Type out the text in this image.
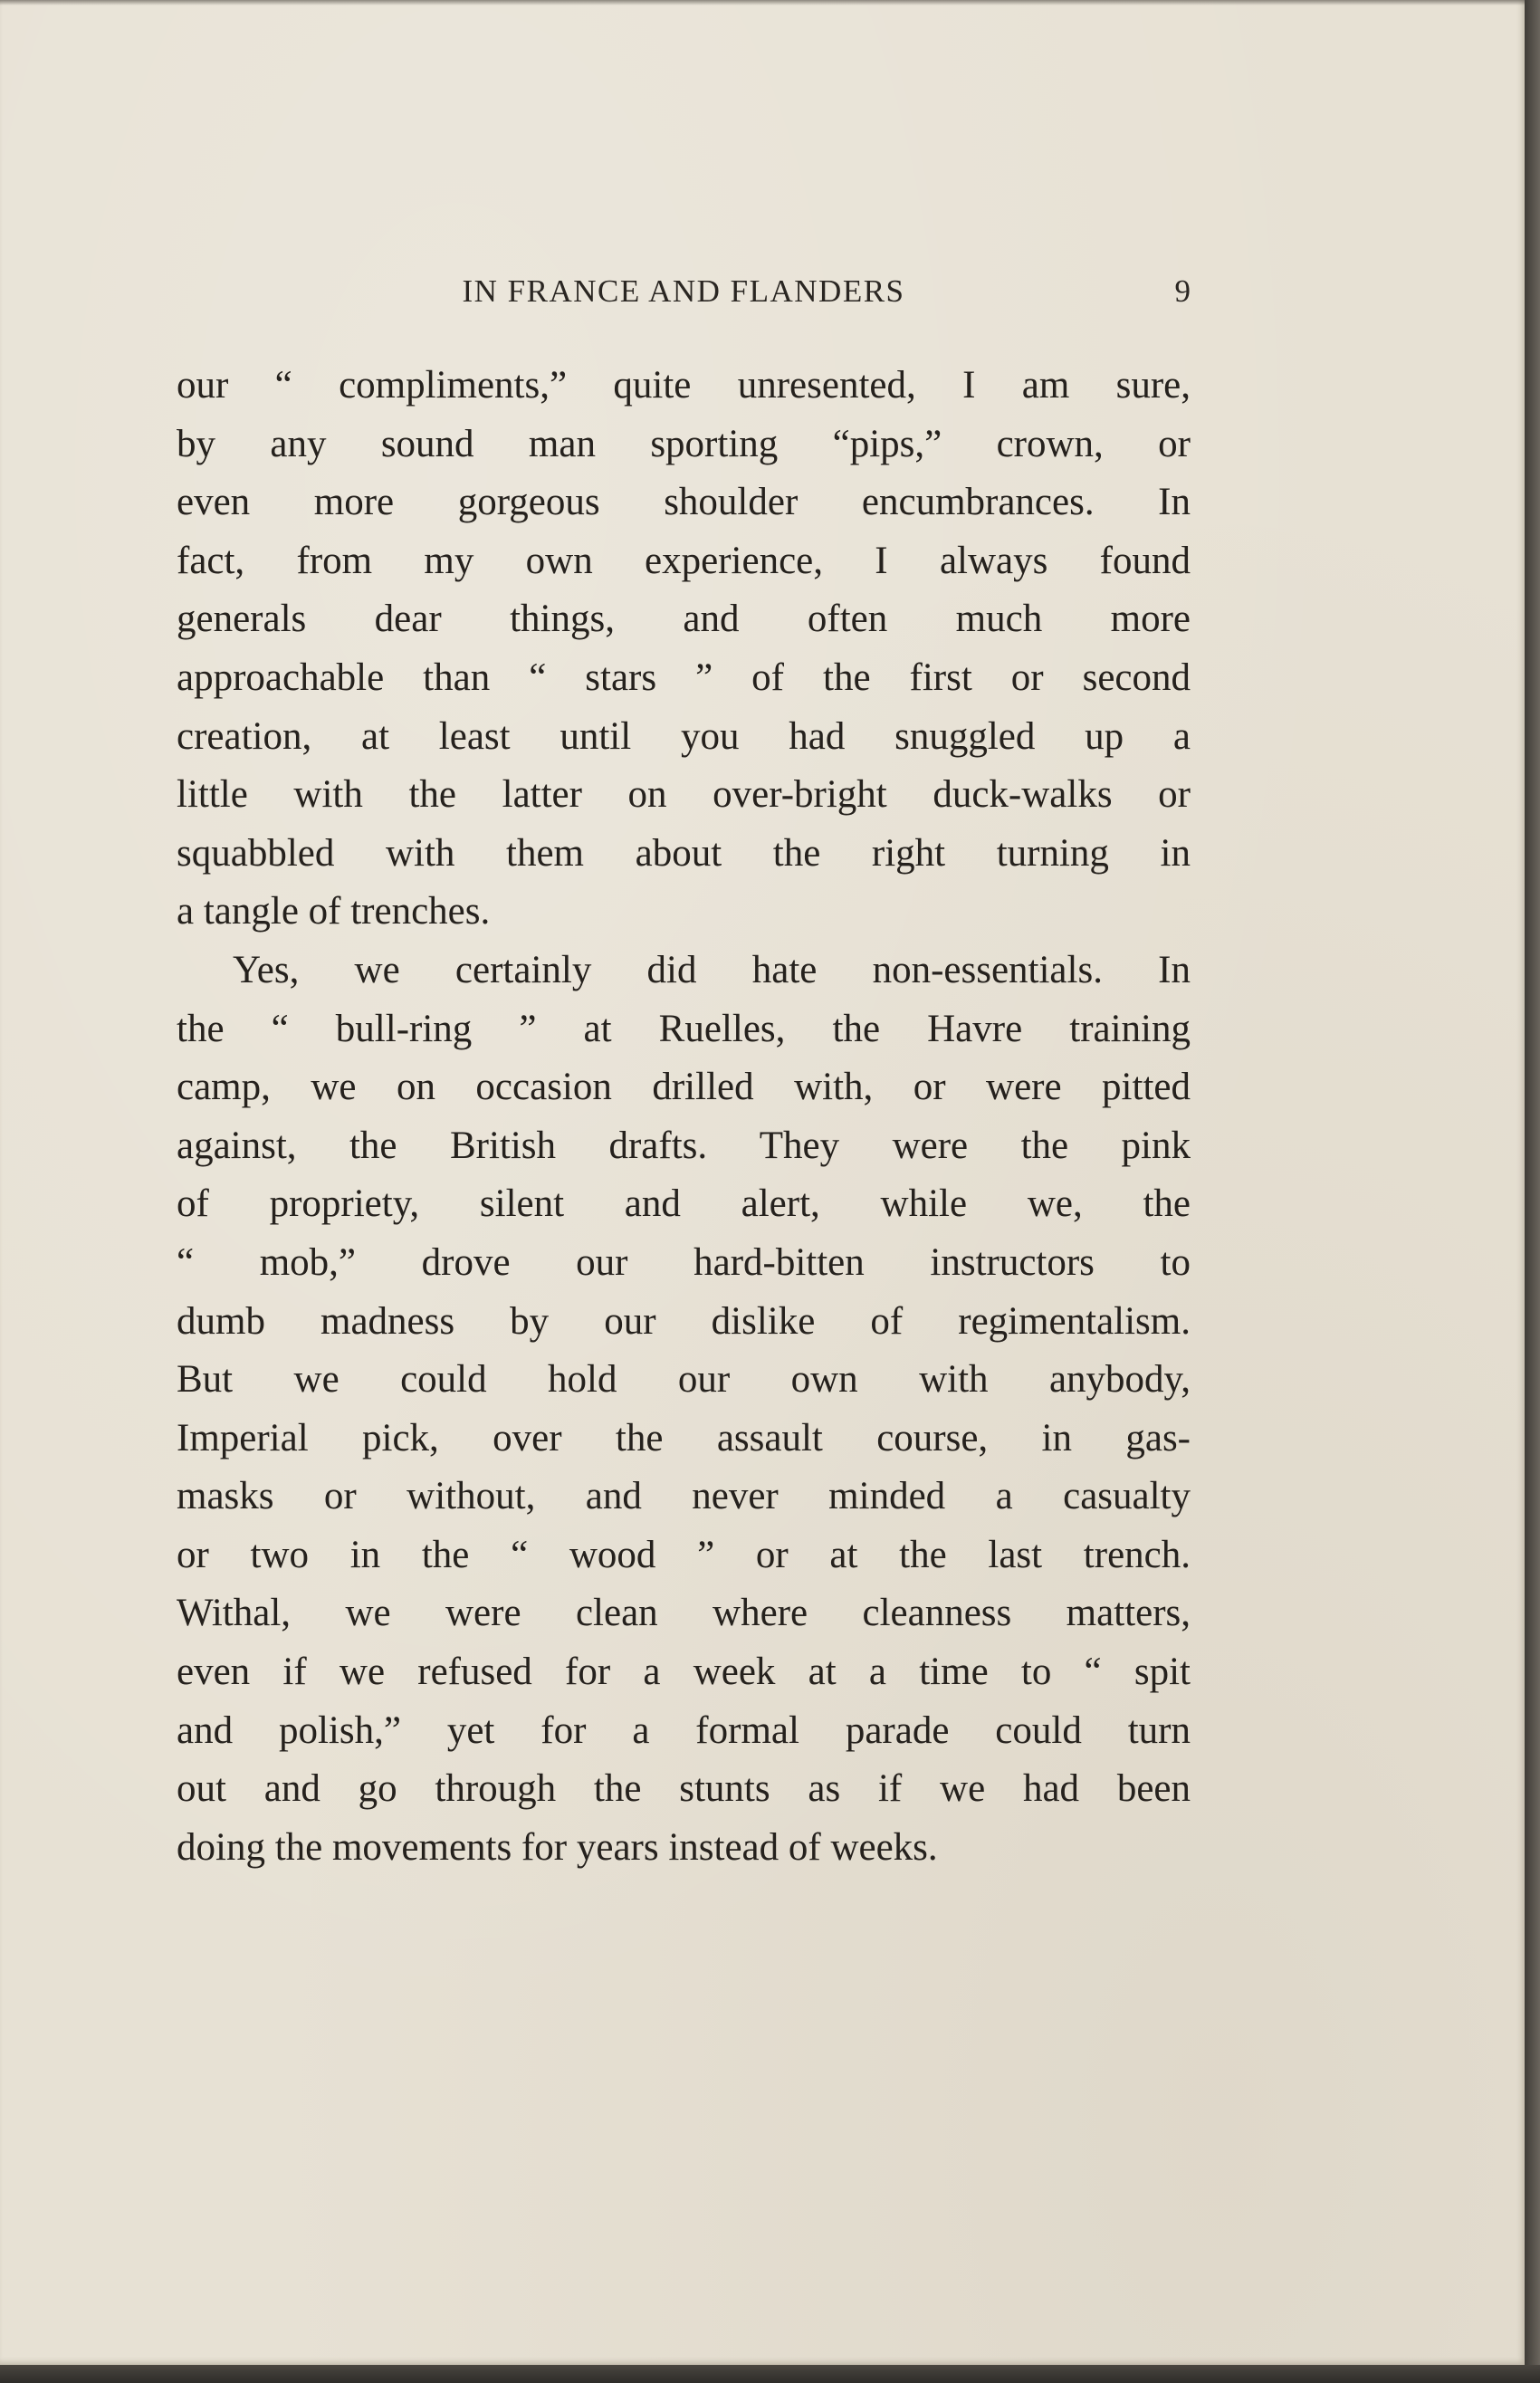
IN FRANCE AND FLANDERS	9
our “ compliments,” quite unresented, I am sure,
by any sound man sporting “pips,” crown, or
even more gorgeous shoulder encumbrances. In
fact, from my own experience, I always found
generals dear things, and often much more
approachable than “ stars ” of the first or second
creation, at least until you had snuggled up a
little with the latter on over-bright duck-walks or
squabbled with them about the right turning in
a tangle of trenches.
Yes, we certainly did hate non-essentials. In
the “ bull-ring ” at Ruelles, the Havre training
camp, we on occasion drilled with, or were pitted
against, the British drafts. They were the pink
of propriety, silent and alert, while we, the
“ mob,” drove our hard-bitten instructors to
dumb madness by our dislike of regimentalism.
But we could hold our own with anybody,
Imperial pick, over the assault course, in gas-
masks or without, and never minded a casualty
or two in the “ wood ” or at the last trench.
Withal, we were clean where cleanness matters,
even if we refused for a week at a time to “ spit
and polish,” yet for a formal parade could turn
out and go through the stunts as if we had been
doing the movements for years instead of weeks.
